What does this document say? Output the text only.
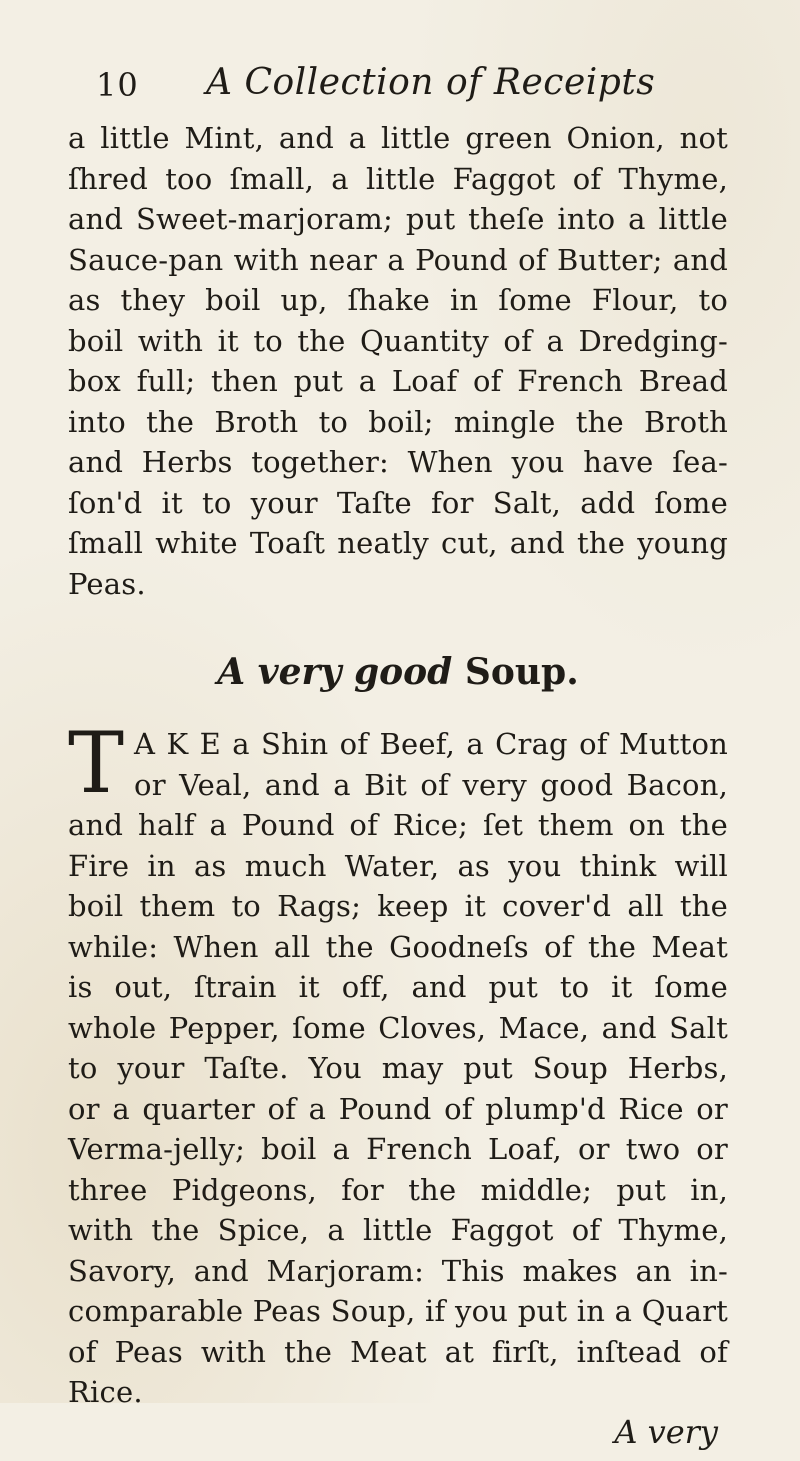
10 A Collection of Receipts

a little Mint, and a little green Onion, not
ſhred too ſmall, a little Faggot of Thyme,
and Sweet-marjoram; put theſe into a little
Sauce-pan with near a Pound of Butter; and
as they boil up, ſhake in ſome Flour, to
boil with it to the Quantity of a Dredging-
box full; then put a Loaf of French Bread
into the Broth to boil; mingle the Broth
and Herbs together: When you have ſea-
ſon'd it to your Taſte for Salt, add ſome
ſmall white Toaſt neatly cut, and the young
Peas.

A very good Soup.
T A K E a Shin of Beef, a Crag of Mutton
or Veal, and a Bit of very good Bacon,
and half a Pound of Rice; ſet them on the
Fire in as much Water, as you think will
boil them to Rags; keep it cover'd all the
while: When all the Goodneſs of the Meat
is out, ſtrain it off, and put to it ſome
whole Pepper, ſome Cloves, Mace, and Salt
to your Taſte. You may put Soup Herbs,
or a quarter of a Pound of plump'd Rice or
Verma-jelly; boil a French Loaf, or two or
three Pidgeons, for the middle; put in,
with the Spice, a little Faggot of Thyme,
Savory, and Marjoram: This makes an in-
comparable Peas Soup, if you put in a Quart
of Peas with the Meat at firſt, inſtead of
Rice.

A very
